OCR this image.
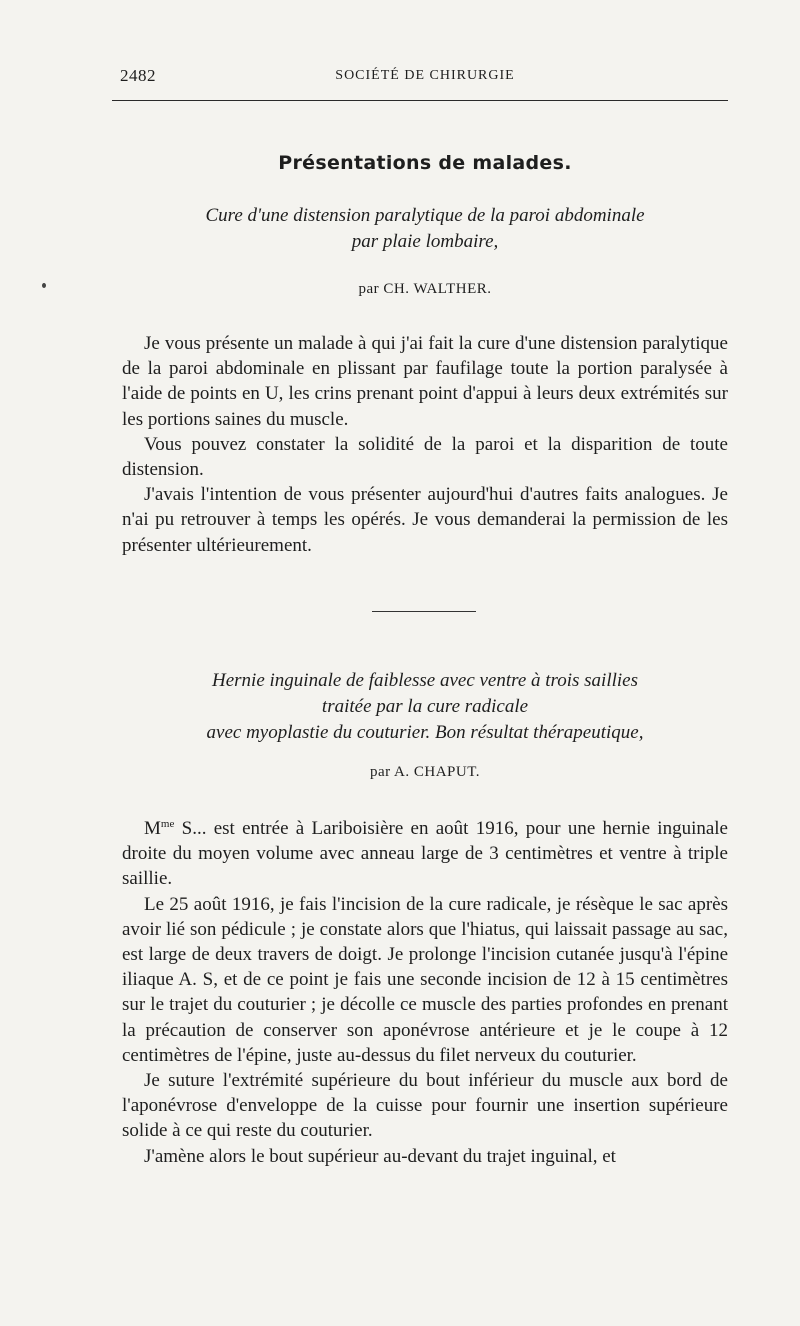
2482	SOCIÉTÉ DE CHIRURGIE
Présentations de malades.
Cure d'une distension paralytique de la paroi abdominale
par plaie lombaire,
par CH. WALTHER.

Je vous présente un malade à qui j'ai fait la cure d'une distension paralytique de la paroi abdominale en plissant par faufilage toute la portion paralysée à l'aide de points en U, les crins prenant point d'appui à leurs deux extrémités sur les portions saines du muscle.

Vous pouvez constater la solidité de la paroi et la disparition de toute distension.

J'avais l'intention de vous présenter aujourd'hui d'autres faits analogues. Je n'ai pu retrouver à temps les opérés. Je vous demanderai la permission de les présenter ultérieurement.

Hernie inguinale de faiblesse avec ventre à trois saillies
traitée par la cure radicale
avec myoplastie du couturier. Bon résultat thérapeutique,
par A. CHAPUT.

$M^{me}$ S... est entrée à Lariboisière en août 1916, pour une hernie inguinale droite du moyen volume avec anneau large de 3 centimètres et ventre à triple saillie.

Le 25 août 1916, je fais l'incision de la cure radicale, je résèque le sac après avoir lié son pédicule ; je constate alors que l'hiatus, qui laissait passage au sac, est large de deux travers de doigt. Je prolonge l'incision cutanée jusqu'à l'épine iliaque A. S, et de ce point je fais une seconde incision de 12 à 15 centimètres sur le trajet du couturier ; je décolle ce muscle des parties profondes en prenant la précaution de conserver son aponévrose antérieure et je le coupe à 12 centimètres de l'épine, juste au-dessus du filet nerveux du couturier.

Je suture l'extrémité supérieure du bout inférieur du muscle aux bord de l'aponévrose d'enveloppe de la cuisse pour fournir une insertion supérieure solide à ce qui reste du couturier.

J'amène alors le bout supérieur au-devant du trajet inguinal, et
